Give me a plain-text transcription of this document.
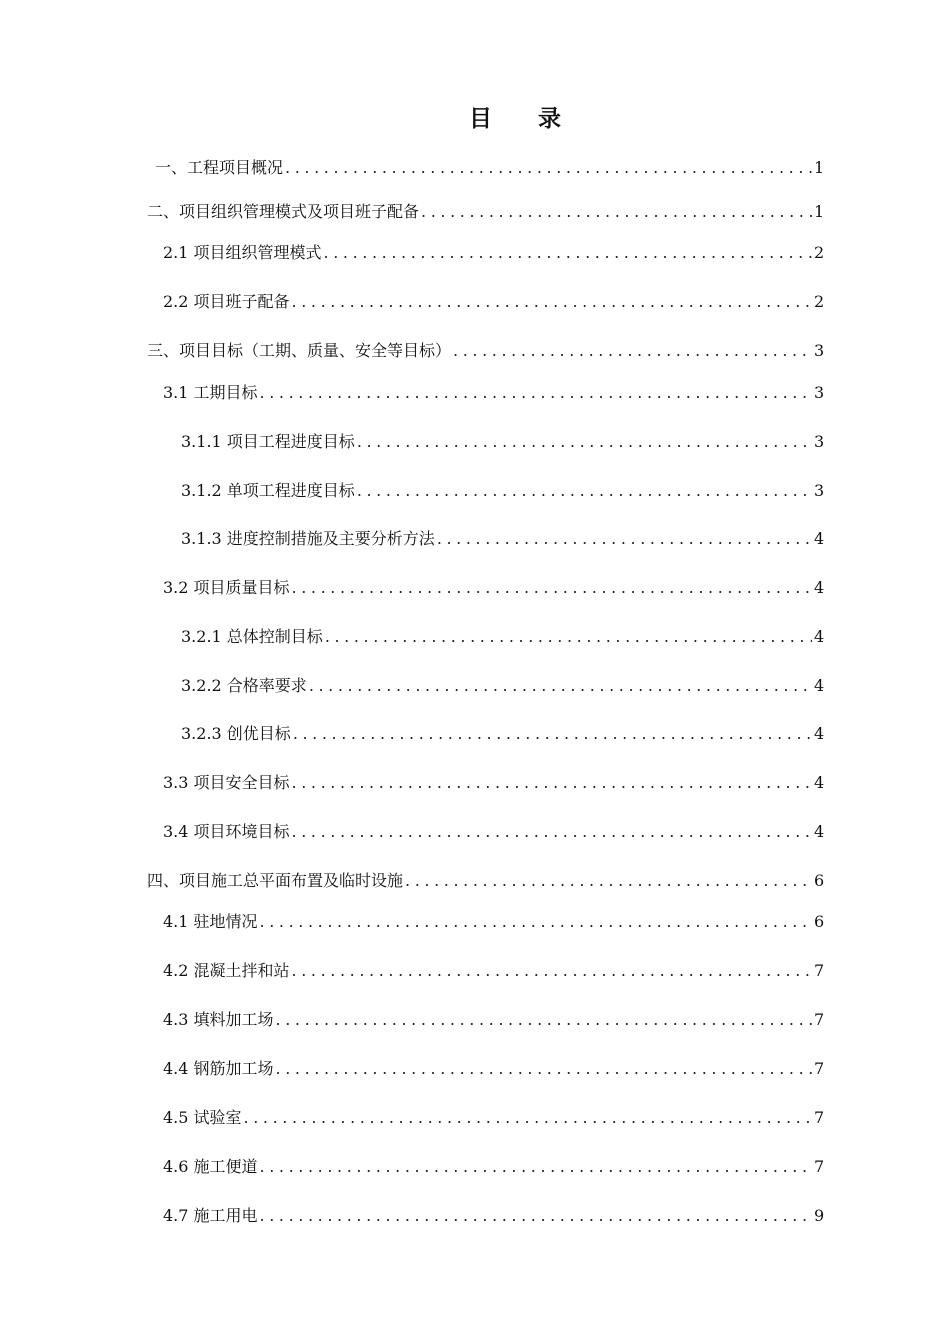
目 录
一、工程项目概况 .....	1
二、项目组织管理模式及项目班子配备 .....	1
2.1 项目组织管理模式 .....	2
2.2 项目班子配备 .....	2
三、项目目标（工期、质量、安全等目标） .....	3
3.1 工期目标 .....	3
3.1.1 项目工程进度目标 .....	3
3.1.2 单项工程进度目标 .....	3
3.1.3 进度控制措施及主要分析方法 .....	4
3.2 项目质量目标 .....	4
3.2.1 总体控制目标 .....	4
3.2.2 合格率要求 .....	4
3.2.3 创优目标 .....	4
3.3 项目安全目标 .....	4
3.4 项目环境目标 .....	4
四、项目施工总平面布置及临时设施 .....	6
4.1 驻地情况 .....	6
4.2 混凝土拌和站 .....	7
4.3 填料加工场 .....	7
4.4 钢筋加工场 .....	7
4.5 试验室 .....	7
4.6 施工便道 .....	7
4.7 施工用电 .....	9
